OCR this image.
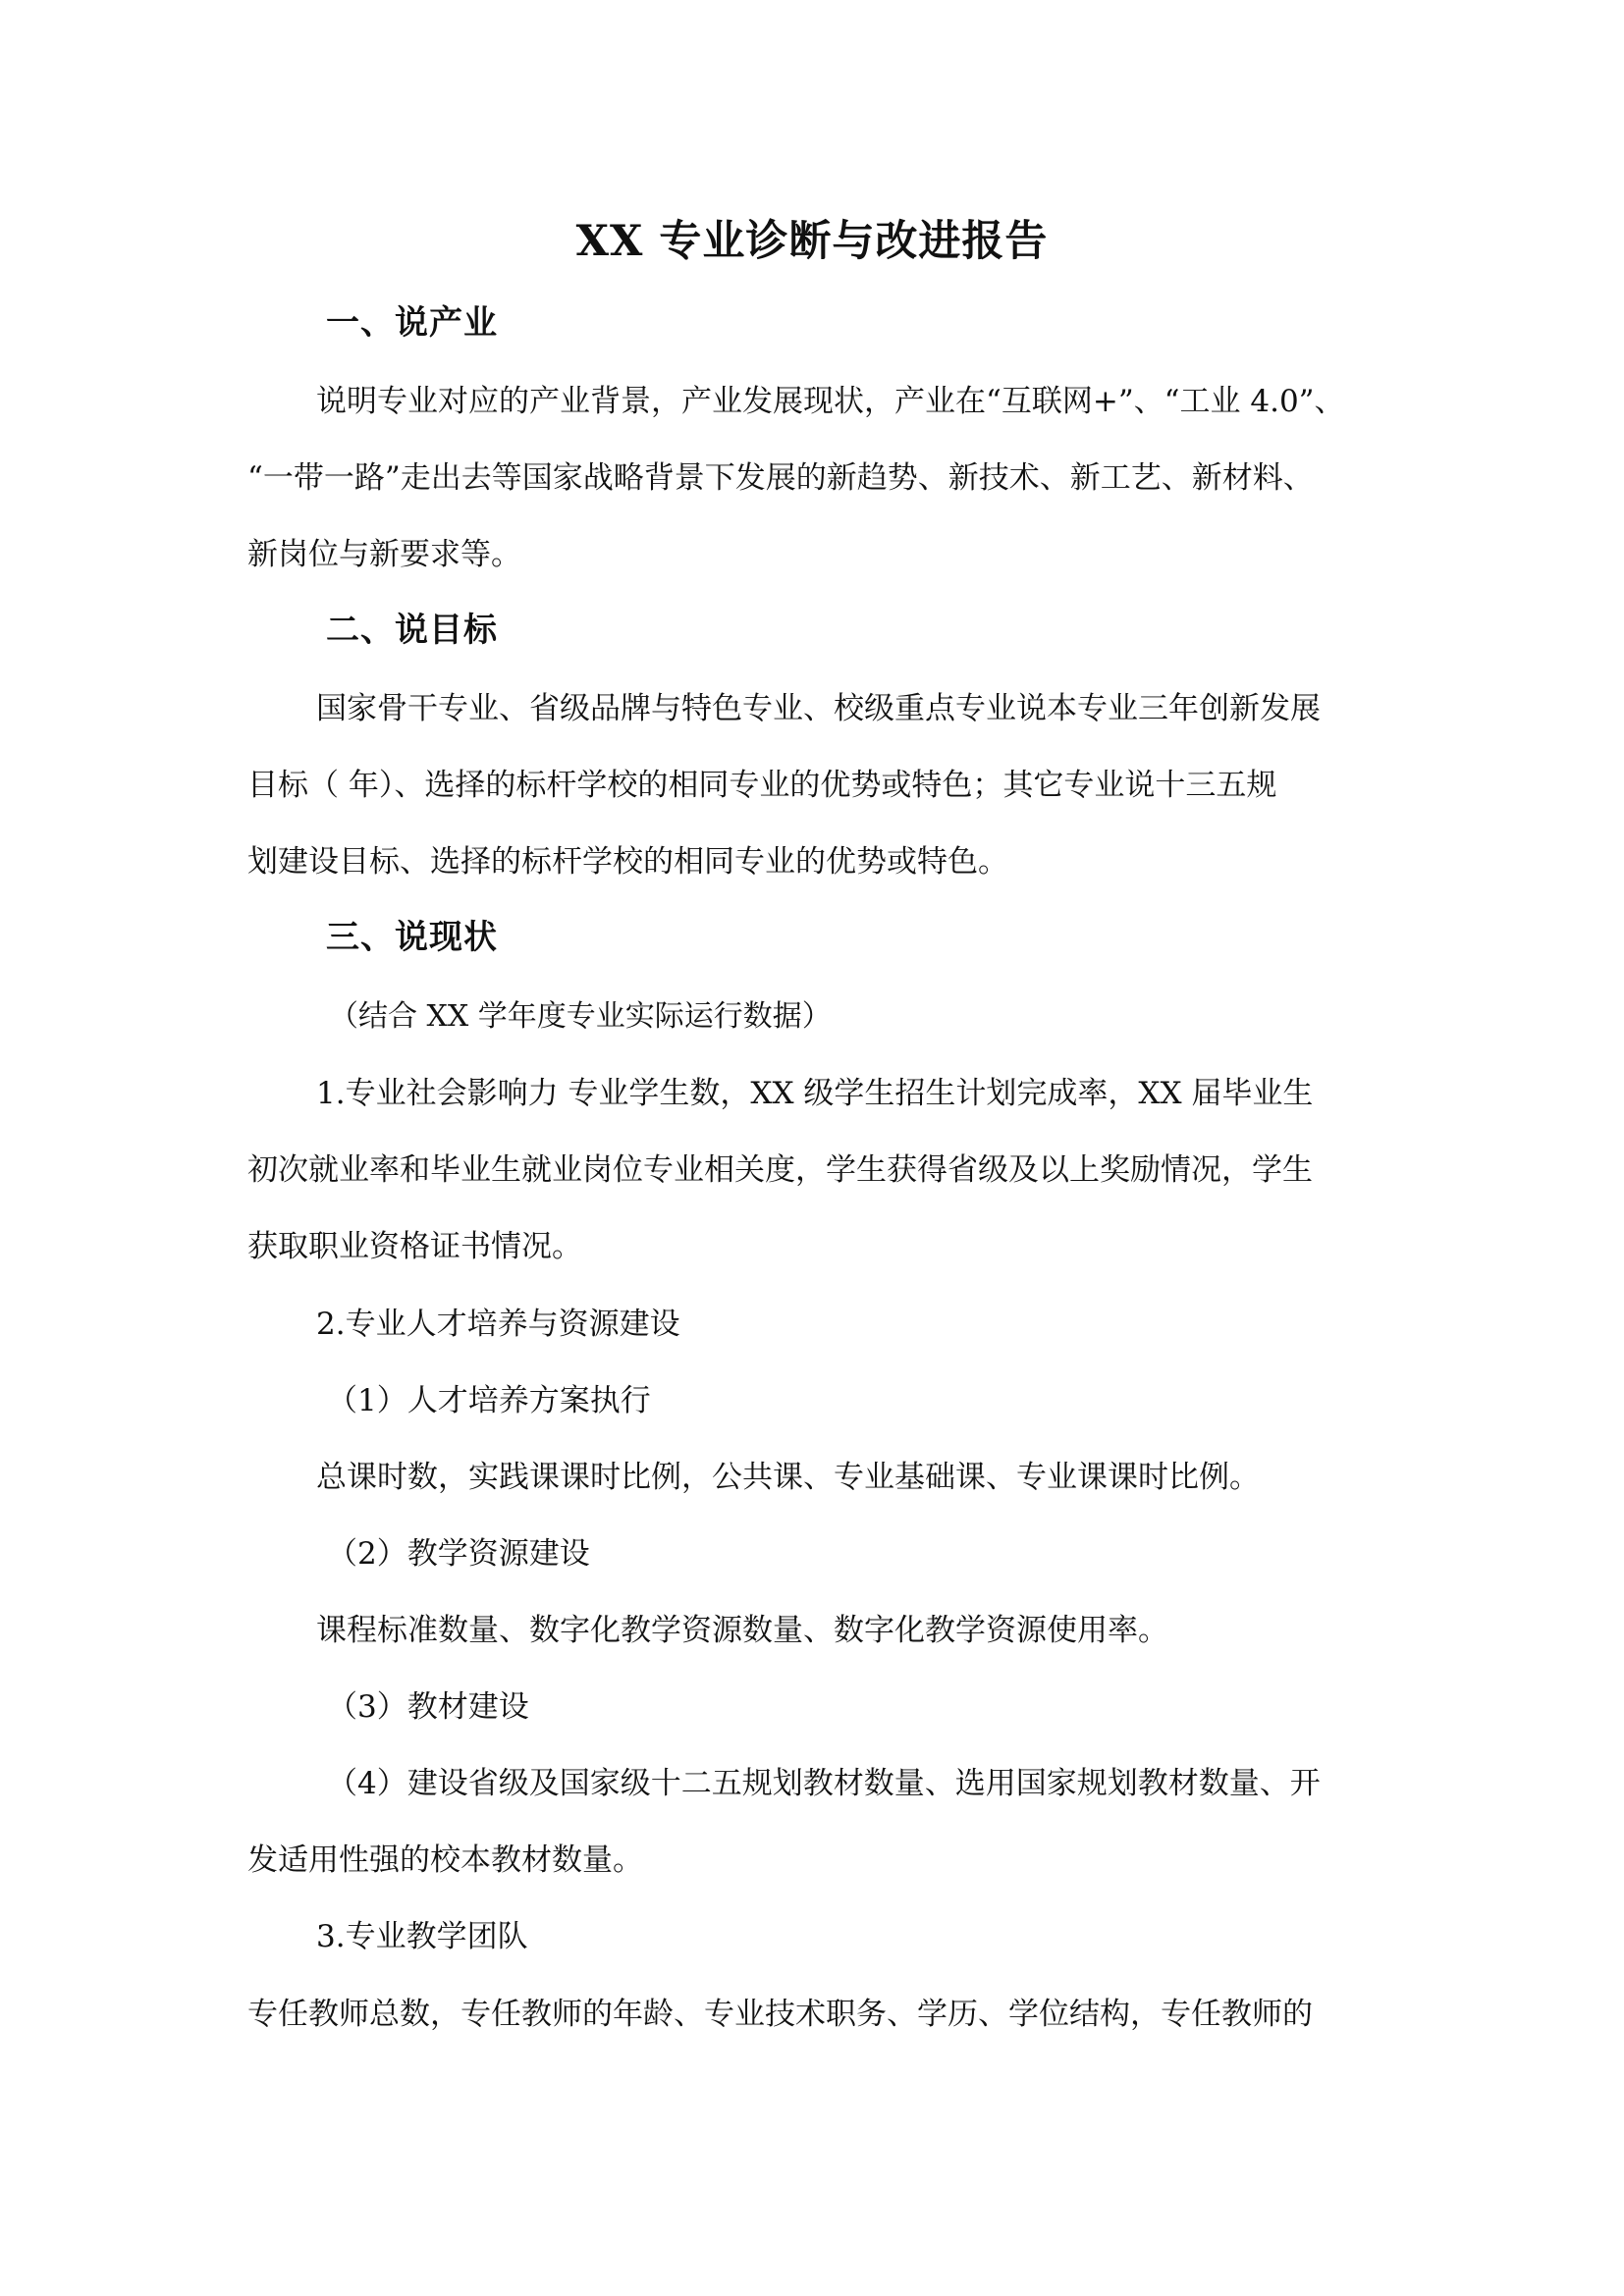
XX 专业诊断与改进报告
一、说产业
说明专业对应的产业背景，产业发展现状，产业在“互联网+”、“工业 4.0”、
“一带一路”走出去等国家战略背景下发展的新趋势、新技术、新工艺、新材料、
新岗位与新要求等。
二、说目标
国家骨干专业、省级品牌与特色专业、校级重点专业说本专业三年创新发展
目标（ 年）、选择的标杆学校的相同专业的优势或特色；其它专业说十三五规
划建设目标、选择的标杆学校的相同专业的优势或特色。
三、说现状
（结合 XX 学年度专业实际运行数据）
1.专业社会影响力 专业学生数，XX 级学生招生计划完成率，XX 届毕业生
初次就业率和毕业生就业岗位专业相关度，学生获得省级及以上奖励情况，学生
获取职业资格证书情况。
2.专业人才培养与资源建设
（1）人才培养方案执行
总课时数，实践课课时比例，公共课、专业基础课、专业课课时比例。
（2）教学资源建设
课程标准数量、数字化教学资源数量、数字化教学资源使用率。
（3）教材建设
（4）建设省级及国家级十二五规划教材数量、选用国家规划教材数量、开
发适用性强的校本教材数量。
3.专业教学团队
专任教师总数，专任教师的年龄、专业技术职务、学历、学位结构，专任教师的
